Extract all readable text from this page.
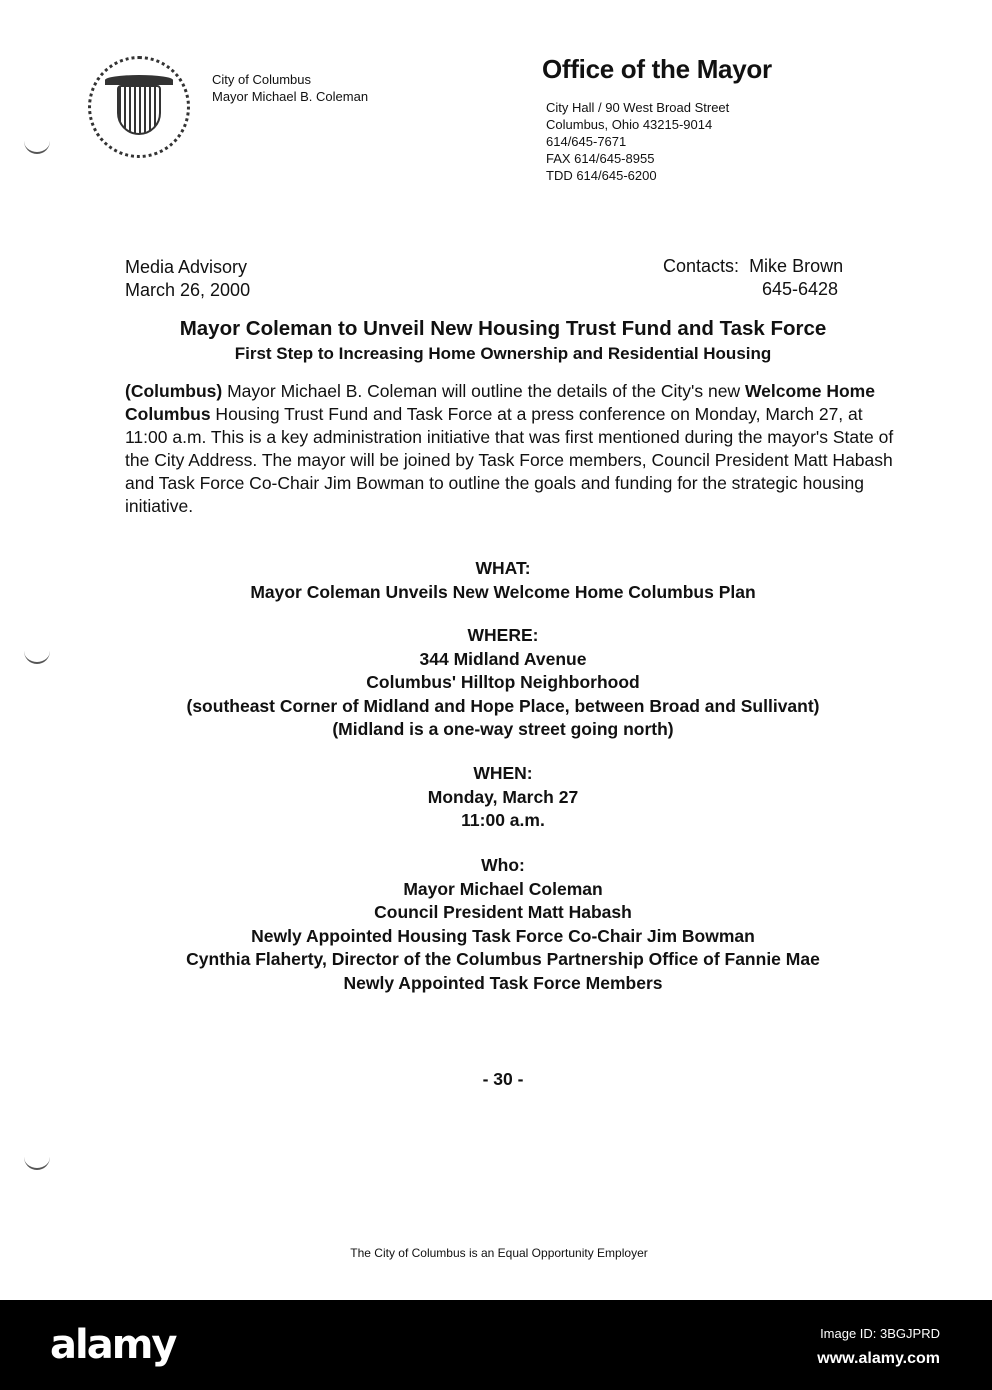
City of Columbus
Mayor Michael B. Coleman
Office of the Mayor
City Hall / 90 West Broad Street
Columbus, Ohio 43215-9014
614/645-7671
FAX 614/645-8955
TDD 614/645-6200
Media Advisory
March 26, 2000
Contacts: Mike Brown
645-6428
Mayor Coleman to Unveil New Housing Trust Fund and Task Force
First Step to Increasing Home Ownership and Residential Housing
(Columbus) Mayor Michael B. Coleman will outline the details of the City's new Welcome Home Columbus Housing Trust Fund and Task Force at a press conference on Monday, March 27, at 11:00 a.m. This is a key administration initiative that was first mentioned during the mayor's State of the City Address. The mayor will be joined by Task Force members, Council President Matt Habash and Task Force Co-Chair Jim Bowman to outline the goals and funding for the strategic housing initiative.
WHAT:
Mayor Coleman Unveils New Welcome Home Columbus Plan
WHERE:
344 Midland Avenue
Columbus' Hilltop Neighborhood
(southeast Corner of Midland and Hope Place, between Broad and Sullivant)
(Midland is a one-way street going north)
WHEN:
Monday, March 27
11:00 a.m.
Who:
Mayor Michael Coleman
Council President Matt Habash
Newly Appointed Housing Task Force Co-Chair Jim Bowman
Cynthia Flaherty, Director of the Columbus Partnership Office of Fannie Mae
Newly Appointed Task Force Members
- 30 -
The City of Columbus is an Equal Opportunity Employer
alamy	Image ID: 3BGJPRD
www.alamy.com
